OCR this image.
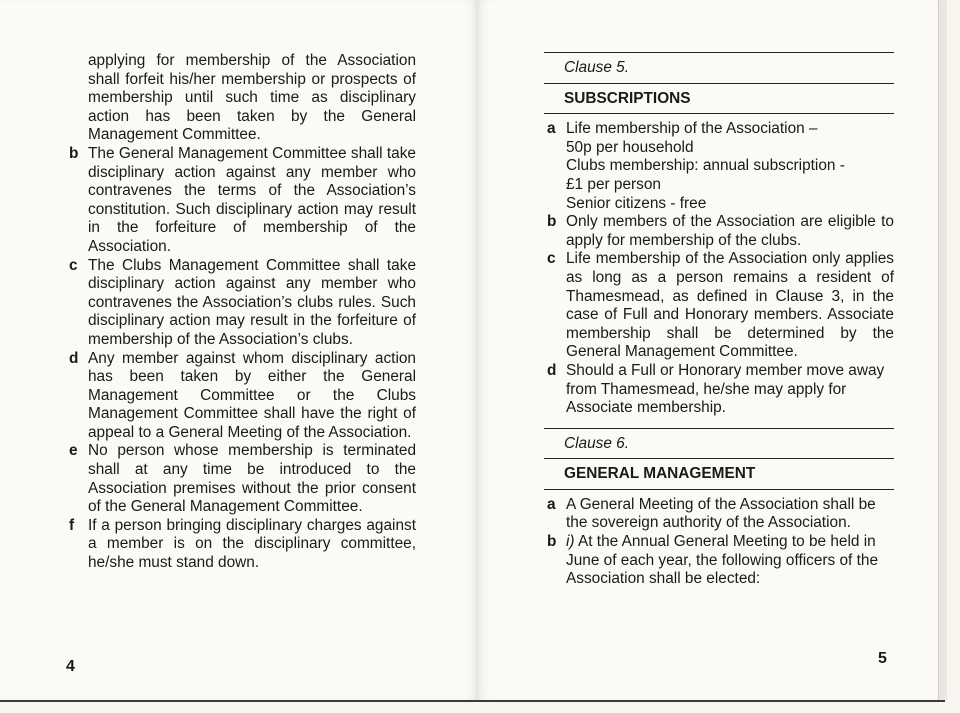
applying for membership of the Association shall forfeit his/her membership or prospects of membership until such time as disciplinary action has been taken by the General Management Committee.

b The General Management Committee shall take disciplinary action against any member who contravenes the terms of the Association’s constitution. Such disciplinary action may result in the forfeiture of membership of the Association.
c The Clubs Management Committee shall take disciplinary action against any member who contravenes the Association’s clubs rules. Such disciplinary action may result in the forfeiture of membership of the Association’s clubs.
d Any member against whom disciplinary action has been taken by either the General Management Committee or the Clubs Management Committee shall have the right of appeal to a General Meeting of the Association.
e No person whose membership is terminated shall at any time be introduced to the Association premises without the prior consent of the General Management Committee.
f If a person bringing disciplinary charges against a member is on the disciplinary committee, he/she must stand down.
4

Clause 5.

SUBSCRIPTIONS

a Life membership of the Association –
50p per household
Clubs membership: annual subscription -
£1 per person
Senior citizens - free
b Only members of the Association are eligible to apply for membership of the clubs.
c Life membership of the Association only applies as long as a person remains a resident of Thamesmead, as defined in Clause 3, in the case of Full and Honorary members. Associate membership shall be determined by the General Management Committee.
d Should a Full or Honorary member move away from Thamesmead, he/she may apply for Associate membership.

Clause 6.

GENERAL MANAGEMENT

a A General Meeting of the Association shall be the sovereign authority of the Association.
b i) At the Annual General Meeting to be held in June of each year, the following officers of the Association shall be elected:
5
